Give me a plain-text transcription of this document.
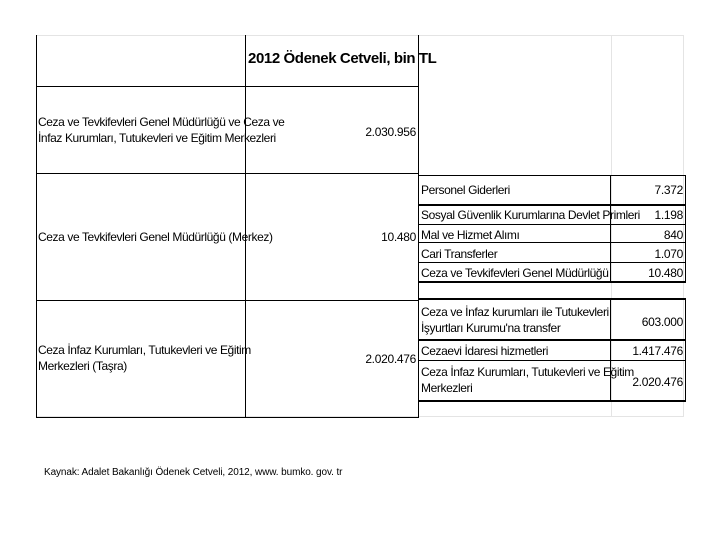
2012 Ödenek Cetveli, bin TL
Ceza ve Tevkifevleri Genel Müdürlüğü ve Ceza ve
İnfaz Kurumları, Tutukevleri ve Eğitim Merkezleri	2.030.956
Ceza ve Tevkifevleri Genel Müdürlüğü (Merkez)	10.480
Ceza İnfaz Kurumları, Tutukevleri ve Eğitim
Merkezleri (Taşra)	2.020.476
Personel Giderleri	7.372
Sosyal Güvenlik Kurumlarına Devlet Primleri	1.198
Mal ve Hizmet Alımı	840
Cari Transferler	1.070
Ceza ve Tevkifevleri Genel Müdürlüğü	10.480
Ceza ve İnfaz kurumları ile Tutukevleri
İşyurtları Kurumu'na transfer	603.000
Cezaevi İdaresi hizmetleri	1.417.476
Ceza İnfaz Kurumları, Tutukevleri ve Eğitim
Merkezleri	2.020.476
Kaynak: Adalet Bakanlığı Ödenek Cetveli, 2012, www. bumko. gov. tr
